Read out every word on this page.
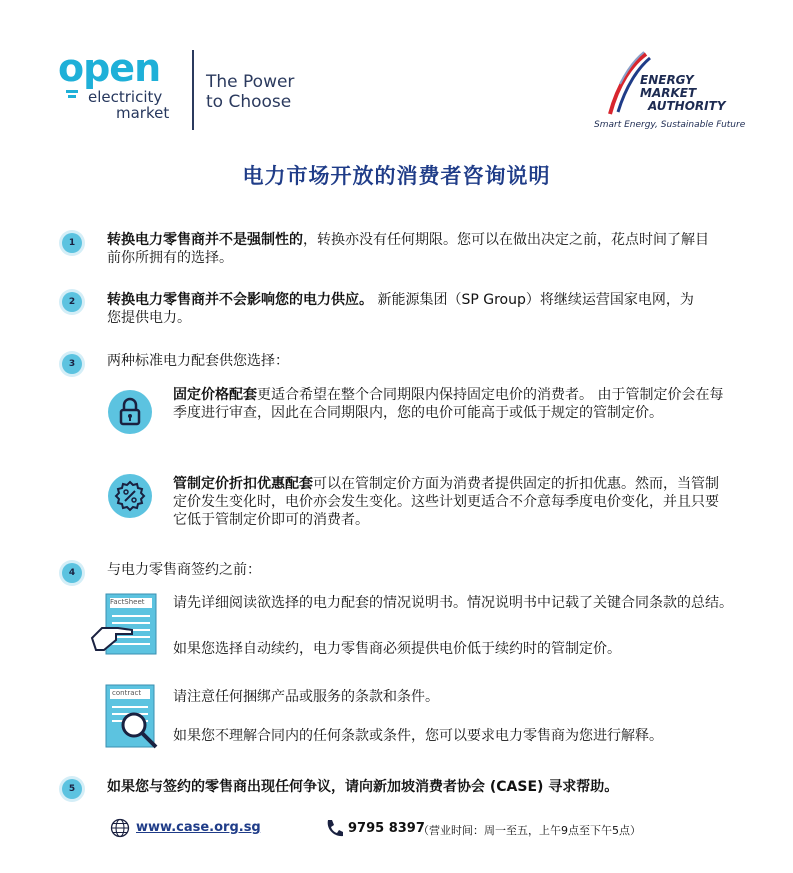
open
electricity
market
The Power
to Choose
ENERGY
MARKET
AUTHORITY
Smart Energy, Sustainable Future
电力市场开放的消费者咨询说明
1	转换电力零售商并不是强制性的，转换亦没有任何期限。您可以在做出决定之前，花点时间了解目前你所拥有的选择。
2	转换电力零售商并不会影响您的电力供应。 新能源集团（SP Group）将继续运营国家电网，为您提供电力。
3	两种标准电力配套供您选择：
固定价格配套更适合希望在整个合同期限内保持固定电价的消费者。 由于管制定价会在每季度进行审查，因此在合同期限内，您的电价可能高于或低于规定的管制定价。
管制定价折扣优惠配套可以在管制定价方面为消费者提供固定的折扣优惠。然而，当管制定价发生变化时，电价亦会发生变化。这些计划更适合不介意每季度电价变化，并且只要它低于管制定价即可的消费者。
4	与电力零售商签约之前：
FactSheet 请先详细阅读欲选择的电力配套的情况说明书。情况说明书中记载了关键合同条款的总结。
如果您选择自动续约，电力零售商必须提供电价低于续约时的管制定价。
contract 请注意任何捆绑产品或服务的条款和条件。
如果您不理解合同内的任何条款或条件，您可以要求电力零售商为您进行解释。
5	如果您与签约的零售商出现任何争议，请向新加坡消费者协会 (CASE) 寻求帮助。
www.case.org.sg	9795 8397
（营业时间：周一至五，上午9点至下午5点）
